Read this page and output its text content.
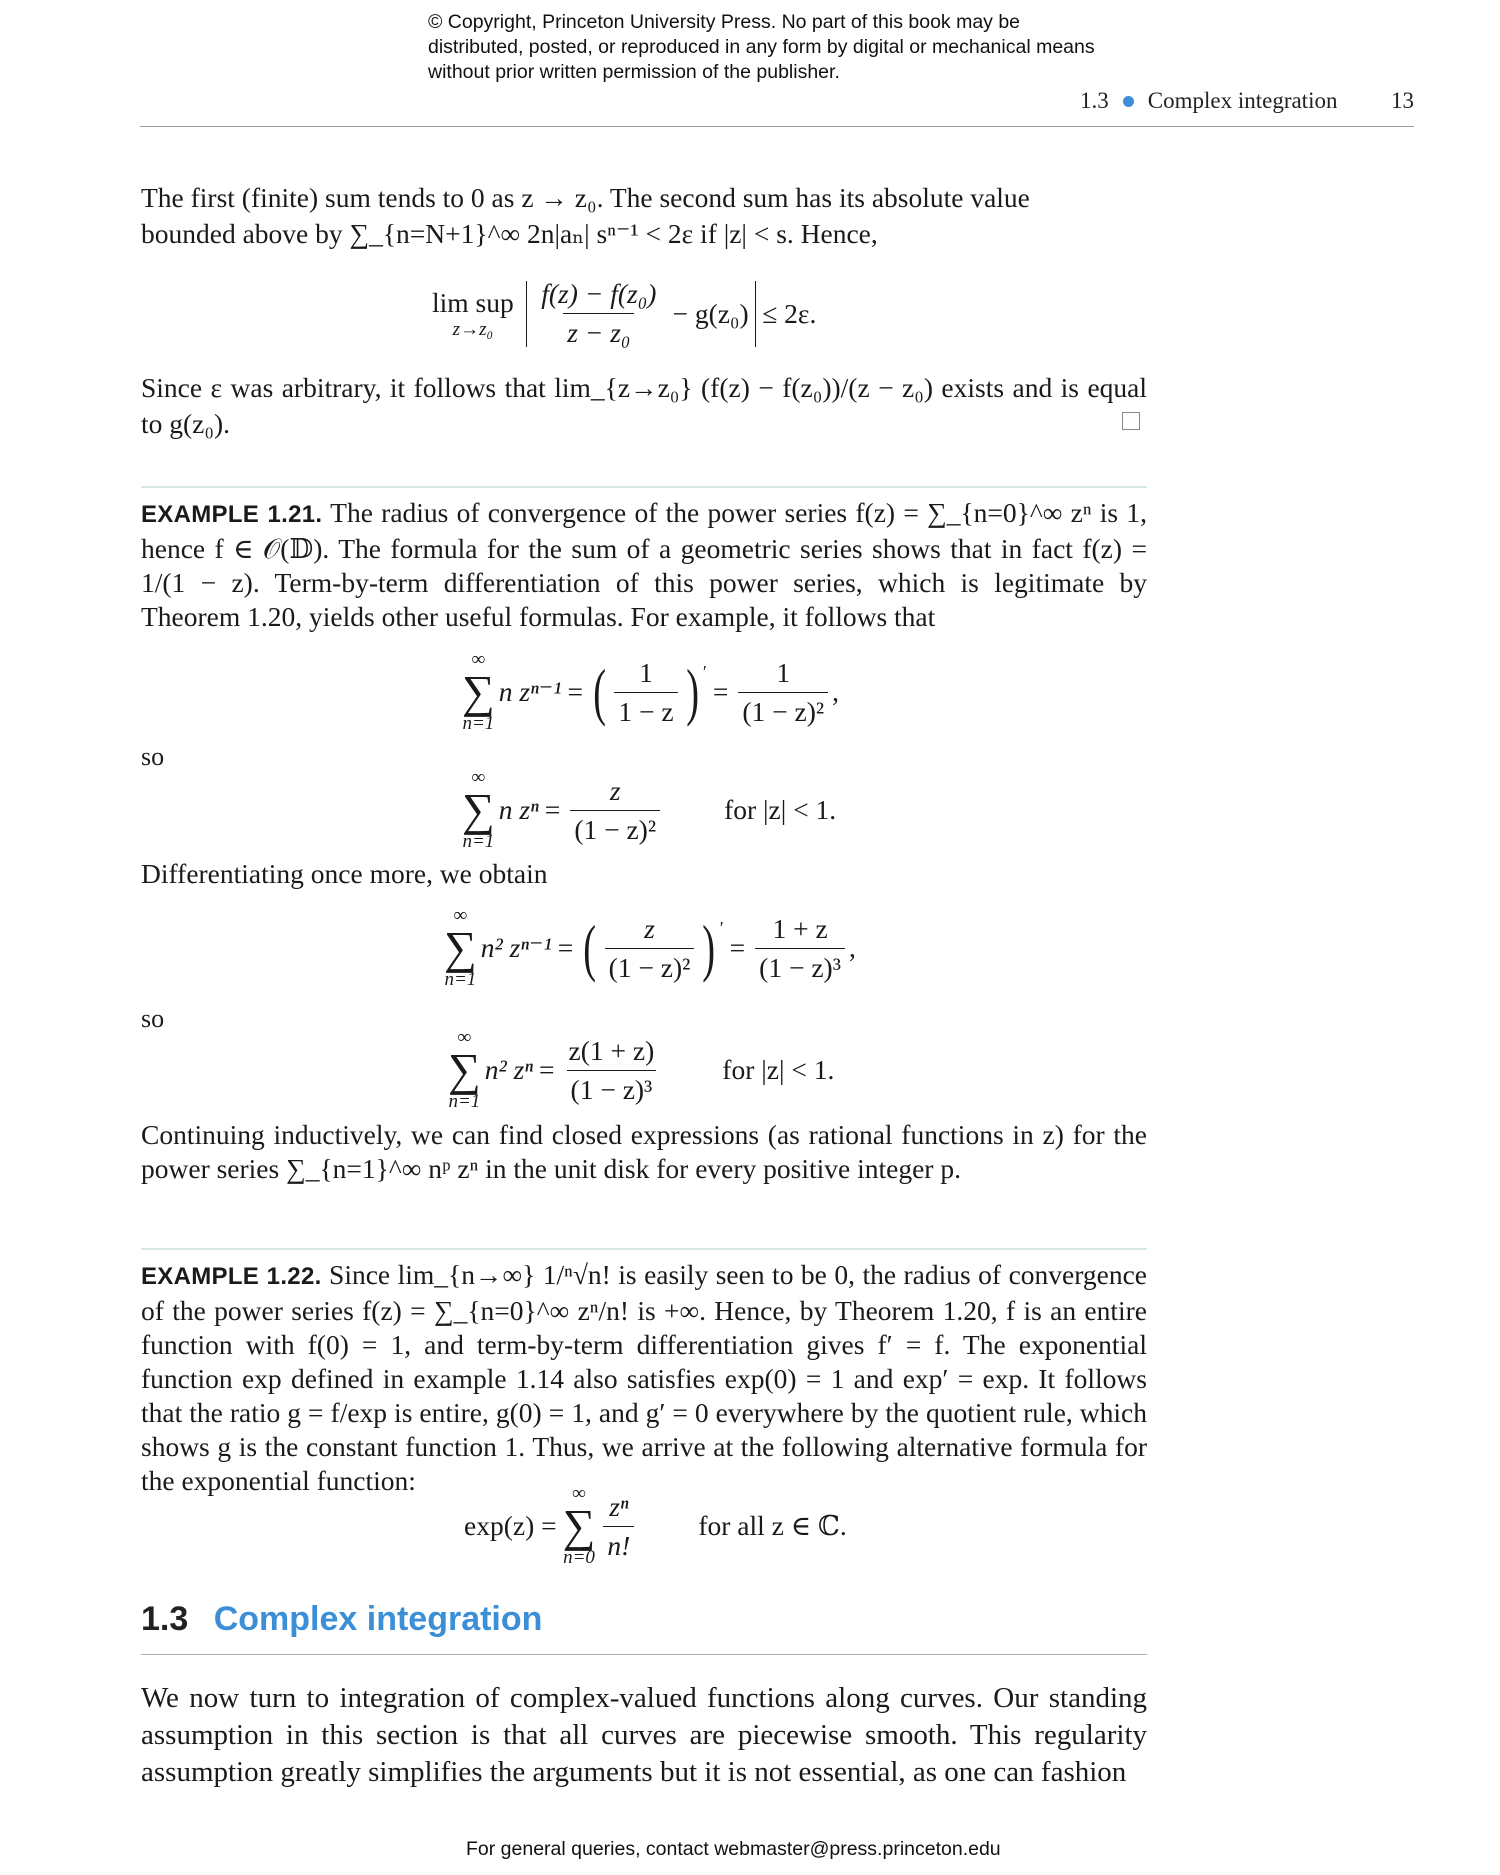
© Copyright, Princeton University Press. No part of this book may be distributed, posted, or reproduced in any form by digital or mechanical means without prior written permission of the publisher.
1.3 Complex integration 13
The first (finite) sum tends to 0 as z → z₀. The second sum has its absolute value
bounded above by ∑_{n=N+1}^∞ 2n|aₙ| sⁿ⁻¹ < 2ε if |z| < s. Hence,
lim sup
$z\to z_0 \frac{\text{f(z) − f(z₀)}}{\text{z − z₀}} - g(z_0) \le 2\varepsilon$.
Since ε was arbitrary, it follows that lim_{z→z₀} (f(z) − f(z₀))/(z − z₀) exists and is equal to g(z₀).
EXAMPLE 1.21. The radius of convergence of the power series f(z) = ∑_{n=0}^∞ zⁿ is 1, hence f ∈ 𝒪(𝔻). The formula for the sum of a geometric series shows that in fact f(z) = 1/(1 − z). Term-by-term differentiation of this power series, which is legitimate by Theorem 1.20, yields other useful formulas. For example, it follows that
∞
∑
n=1
n zⁿ⁻¹ = ( $\frac{1}{1 - z} )'$
= $\frac{1}{\text{(1 − z)²}}$ ,
so
∞
∑
n=1
n $z^n = \frac{z}{\text{(1 − z)²}}$ for |z| < 1.
Differentiating once more, we obtain
∞
∑
n=1
n² zⁿ⁻¹ = ( $\frac{z}{\text{(1 − z)²}} )'$
= $\frac{1 + z}{\text{(1 − z)³}}$ ,
so
∞
∑
n=1
n² $z^n = \frac{z(1 + z)}{\text{(1 − z)³}}$ for |z| < 1.
Continuing inductively, we can find closed expressions (as rational functions in z) for the power series ∑_{n=1}^∞ nᵖ zⁿ in the unit disk for every positive integer p.
EXAMPLE 1.22. Since lim_{n→∞} 1/ⁿ√n! is easily seen to be 0, the radius of convergence of the power series f(z) = ∑_{n=0}^∞ zⁿ/n! is +∞. Hence, by Theorem 1.20, f is an entire function with f(0) = 1, and term-by-term differentiation gives f′ = f. The exponential function exp defined in example 1.14 also satisfies exp(0) = 1 and exp′ = exp. It follows that the ratio g = f/exp is entire, g(0) = 1, and g′ = 0 everywhere by the quotient rule, which shows g is the constant function 1. Thus, we arrive at the following alternative formula for the exponential function:
exp(z) =
∞
∑
$n=0 \frac{\text{zⁿ}}{n!}$ for all z ∈ ℂ.
1.3 Complex integration
We now turn to integration of complex-valued functions along curves. Our standing assumption in this section is that all curves are piecewise smooth. This regularity assumption greatly simplifies the arguments but it is not essential, as one can fashion
For general queries, contact webmaster@press.princeton.edu
